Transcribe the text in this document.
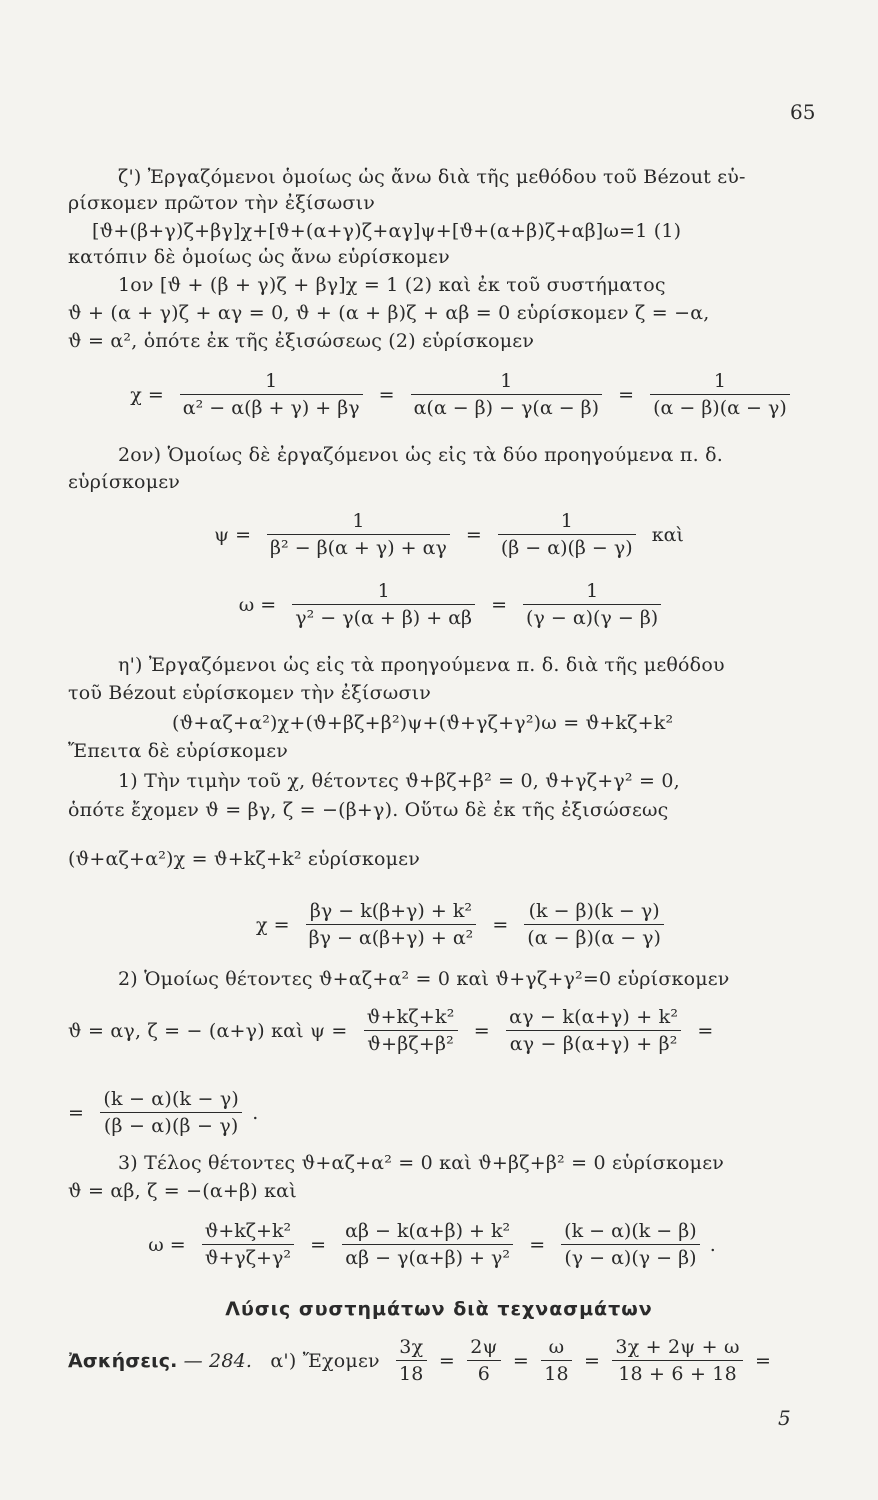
65
ζ') Ἐργαζόμενοι ὁμοίως ὡς ἄνω διὰ τῆς μεθόδου τοῦ Bézout εὑ-
ρίσκομεν πρῶτον τὴν ἐξίσωσιν
[ϑ+(β+γ)ζ+βγ]χ+[ϑ+(α+γ)ζ+αγ]ψ+[ϑ+(α+β)ζ+αβ]ω=1 (1)
κατόπιν δὲ ὁμοίως ὡς ἄνω εὑρίσκομεν
1ον [ϑ + (β + γ)ζ + βγ]χ = 1 (2) καὶ ἐκ τοῦ συστήματος
ϑ + (α + γ)ζ + αγ = 0, ϑ + (α + β)ζ + αβ = 0 εὑρίσκομεν ζ = −α,
ϑ = α², ὁπότε ἐκ τῆς ἐξισώσεως (2) εὑρίσκομεν
$\chi = \frac{1}{\text{α² − α(β + γ) + βγ}} = \frac{1}{\alpha(\alpha - \beta) - \gamma(\alpha - \beta)} = \frac{1}{(\alpha - \beta)(\alpha - \gamma)}$
2ον) Ὁμοίως δὲ ἐργαζόμενοι ὡς εἰς τὰ δύο προηγούμενα π. δ.
εὑρίσκομεν
$\psi = \frac{1}{\text{β² − β(α + γ) + αγ}} = \frac{1}{(\beta - \alpha)(\beta - \gamma)}$ καὶ
$\omega = \frac{1}{\text{γ² − γ(α + β) + αβ}} = \frac{1}{(\gamma - \alpha)(\gamma - \beta)}$
η') Ἐργαζόμενοι ὡς εἰς τὰ προηγούμενα π. δ. διὰ τῆς μεθόδου
τοῦ Bézout εὑρίσκομεν τὴν ἐξίσωσιν
(ϑ+αζ+α²)χ+(ϑ+βζ+β²)ψ+(ϑ+γζ+γ²)ω = ϑ+kζ+k²
Ἔπειτα δὲ εὑρίσκομεν
1) Τὴν τιμὴν τοῦ χ, θέτοντες ϑ+βζ+β² = 0, ϑ+γζ+γ² = 0,
ὁπότε ἔχομεν ϑ = βγ, ζ = −(β+γ). Οὕτω δὲ ἐκ τῆς ἐξισώσεως
(ϑ+αζ+α²)χ = ϑ+kζ+k² εὑρίσκομεν
$\chi = \frac{\text{βγ − k(β+γ) + k²}}{\text{βγ − α(β+γ) + α²}} = \frac{(k - \beta)(k - \gamma)}{(\alpha - \beta)(\alpha - \gamma)}$
2) Ὁμοίως θέτοντες ϑ+αζ+α² = 0 καὶ ϑ+γζ+γ²=0 εὑρίσκομεν
ϑ = αγ, ζ = − (α+γ) καὶ $\psi = \frac{\text{ϑ+kζ+k²}}{\text{ϑ+βζ+β²}} = \frac{\text{αγ − k(α+γ) + k²}}{\text{αγ − β(α+γ) + β²}}$ =
= $\frac{(k - \alpha)(k - \gamma)}{(\beta - \alpha)(\beta - \gamma)}$ .
3) Τέλος θέτοντες ϑ+αζ+α² = 0 καὶ ϑ+βζ+β² = 0 εὑρίσκομεν
ϑ = αβ, ζ = −(α+β) καὶ
$\omega = \frac{\text{ϑ+kζ+k²}}{\text{ϑ+γζ+γ²}} = \frac{\text{αβ − k(α+β) + k²}}{\text{αβ − γ(α+β) + γ²}} = \frac{(k - \alpha)(k - \beta)}{(\gamma - \alpha)(\gamma - \beta)}$ .
Λύσις συστημάτων διὰ τεχνασμάτων
Ἀσκήσεις. — 284. α') Ἔχομεν $\frac{3\chi}{18} = \frac{2\psi}{6} = \frac{\omega}{18} = \frac{3\chi + 2\psi + \omega}{18 + 6 + 18}$ =
5
